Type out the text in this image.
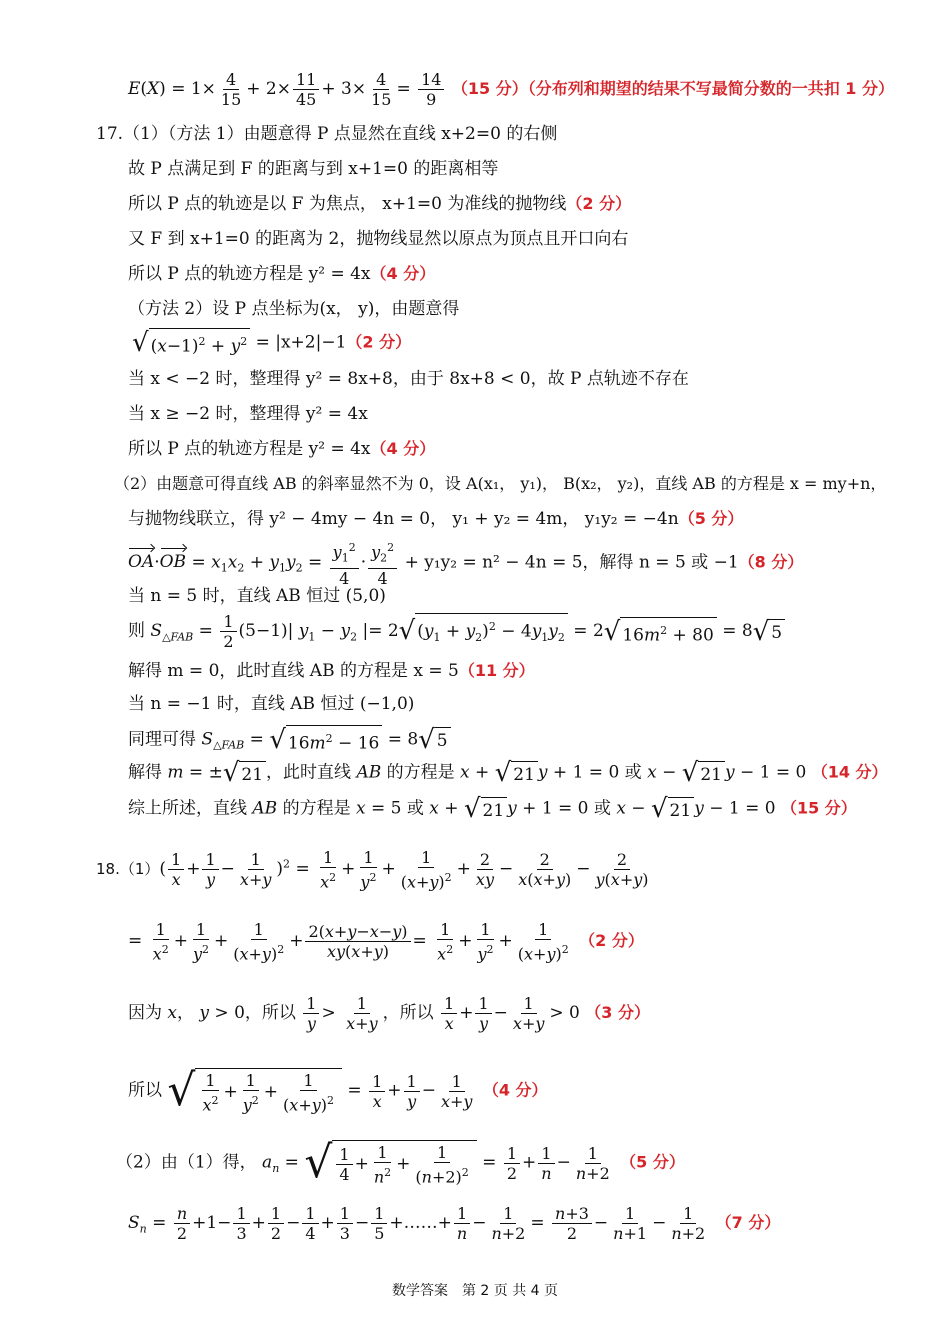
$E(X) = 1\times \frac{4}{15} + 2\times \frac{11}{45} + 3\times \frac{4}{15} = \frac{14}{9} (15$ 分）（分布列和期望的结果不写最简分数的一共扣 1 分）
17.（1）（方法 1）由题意得 P 点显然在直线 x+2=0 的右侧
故 P 点满足到 F 的距离与到 x+1=0 的距离相等
所以 P 点的轨迹是以 F 为焦点， x+1=0 为准线的抛物线（2 分）
又 F 到 x+1=0 的距离为 2，抛物线显然以原点为顶点且开口向右
所以 P 点的轨迹方程是 y² = 4x（4 分）
（方法 2）设 P 点坐标为(x， y)，由题意得
√ $(x-1)^2 + y^2 = |x+2|-1(2$ 分）
当 x < −2 时，整理得 y² = 8x+8，由于 8x+8 < 0，故 P 点轨迹不存在
当 x ≥ −2 时，整理得 y² = 4x
所以 P 点的轨迹方程是 y² = 4x（4 分）
（2）由题意可得直线 AB 的斜率显然不为 0，设 A(x₁， y₁)， B(x₂， y₂)，直线 AB 的方程是 x = my+n，
与抛物线联立，得 y² − 4my − 4n = 0， y₁ + y₂ = 4m， y₁y₂ = −4n（5 分）
$OA\cdot OB = x_1x_2 + y_1y_2 = \frac{y_1^2}{4} \cdot \frac{y_2^2}{4} + y_1y_2 = n^2 - 4n = 5$，解得 n = 5 或 −1（8 分）
当 n = 5 时，直线 AB 恒过 (5,0)
则 $S_{\triangle FAB} = \frac{1}{2} (5-1)|$ $y_1 - y_2$ |= 2 √ $(y_1 + y_2)^2 - 4y_1y_2 = 2$ √ $16m^2 + 80 = 8$ √ 5
解得 m = 0，此时直线 AB 的方程是 x = 5（11 分）
当 n = −1 时，直线 AB 恒过 (−1,0)
同理可得 $S_{\triangle FAB}$ = √ $16m^2 - 16 = 8$ √ 5
解得 m = ± √ 21 ，此时直线 AB 的方程是 x + √ 21 y + 1 = 0 或 x − √ 21 y − 1 = 0 （14 分）
综上所述，直线 AB 的方程是 x = 5 或 x + √ 21 y + 1 = 0 或 x − √ 21 y − 1 = 0 （15 分）
$18.(1)( \frac{1}{x} + \frac{1}{y} - \frac{1}{x+y} )^2 = \frac{1}{x^2} + \frac{1}{y^2} + \frac{1}{(x+y)^2} + \frac{2}{xy} - \frac{2}{x(x+y)} - \frac{2}{y(x+y)}$
= $\frac{1}{x^2} + \frac{1}{y^2} + \frac{1}{(x+y)^2} + \frac{2(x+y-x-y)}{xy(x+y)} = \frac{1}{x^2} + \frac{1}{y^2} + \frac{1}{(x+y)^2} (2$ 分）
因为 x， y > 0，所以 $\frac{1}{y} > \frac{1}{x+y}$ ，所以 $\frac{1}{x} + \frac{1}{y} - \frac{1}{x+y} > 0$ （3 分）
所以 √ $\frac{1}{x^2} + \frac{1}{y^2} + \frac{1}{(x+y)^2} = \frac{1}{x} + \frac{1}{y} - \frac{1}{x+y} (4$ 分）
（2）由（1）得， $a_n$ = √ $\frac{1}{4} + \frac{1}{n^2} + \frac{1}{(n+2)^2} = \frac{1}{2} + \frac{1}{n} - \frac{1}{n+2} (5$ 分）
$S_n = \frac{n}{2} +1- \frac{1}{3} + \frac{1}{2} - \frac{1}{4} + \frac{1}{3} - \frac{1}{5}$ +……+ $\frac{1}{n} - \frac{1}{n+2} = \frac{n+3}{2} - \frac{1}{n+1} - \frac{1}{n+2} (7$ 分）
数学答案　第 2 页 共 4 页
